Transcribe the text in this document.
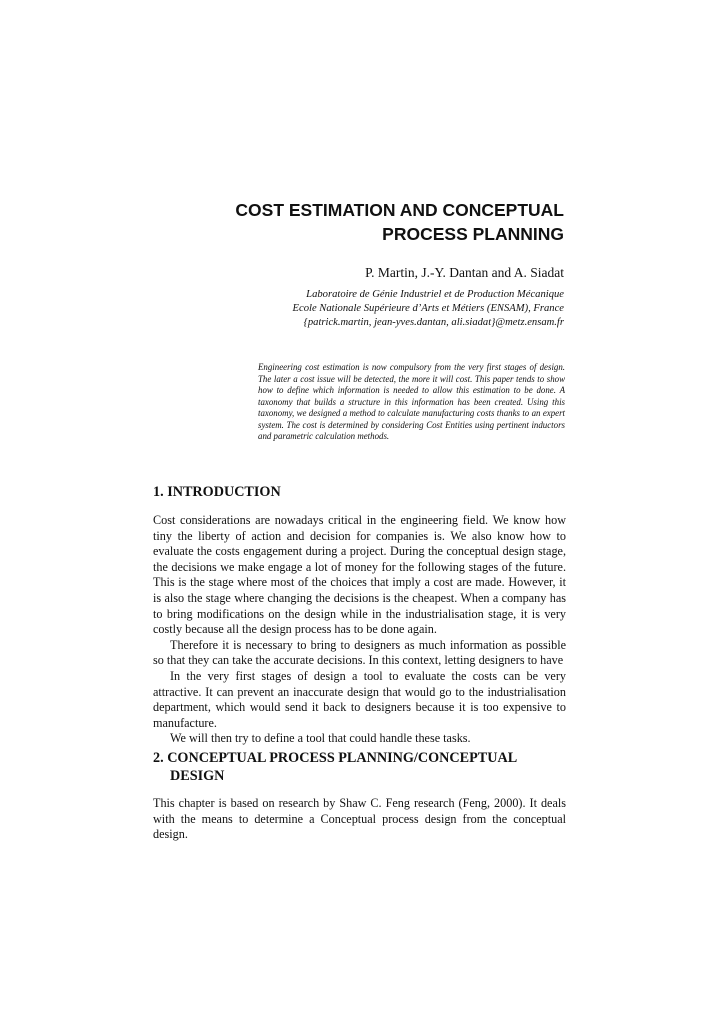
COST ESTIMATION AND CONCEPTUAL

PROCESS PLANNING

P. Martin, J.-Y. Dantan and A. Siadat
Laboratoire de Génie Industriel et de Production Mécanique
Ecole Nationale Supérieure d’Arts et Métiers (ENSAM), France
{patrick.martin, jean-yves.dantan, ali.siadat}@metz.ensam.fr
Engineering cost estimation is now compulsory from the very first stages of design. The later a cost issue will be detected, the more it will cost. This paper tends to show how to define which information is needed to allow this estimation to be done. A taxonomy that builds a structure in this information has been created. Using this taxonomy, we designed a method to calculate manufacturing costs thanks to an expert system. The cost is determined by considering Cost Entities using pertinent inductors and parametric calculation methods.
1. INTRODUCTION

Cost considerations are nowadays critical in the engineering field. We know how tiny the liberty of action and decision for companies is. We also know how to evaluate the costs engagement during a project. During the conceptual design stage, the decisions we make engage a lot of money for the following stages of the future. This is the stage where most of the choices that imply a cost are made. However, it is also the stage where changing the decisions is the cheapest. When a company has to bring modifications on the design while in the industrialisation stage, it is very costly because all the design process has to be done again.

Therefore it is necessary to bring to designers as much information as possible so that they can take the accurate decisions. In this context, letting designers to have

In the very first stages of design a tool to evaluate the costs can be very attractive. It can prevent an inaccurate design that would go to the industrialisation department, which would send it back to designers because it is too expensive to manufacture.

We will then try to define a tool that could handle these tasks.

2. CONCEPTUAL PROCESS PLANNING/CONCEPTUAL
DESIGN

This chapter is based on research by Shaw C. Feng research (Feng, 2000). It deals with the means to determine a Conceptual process design from the conceptual design.
